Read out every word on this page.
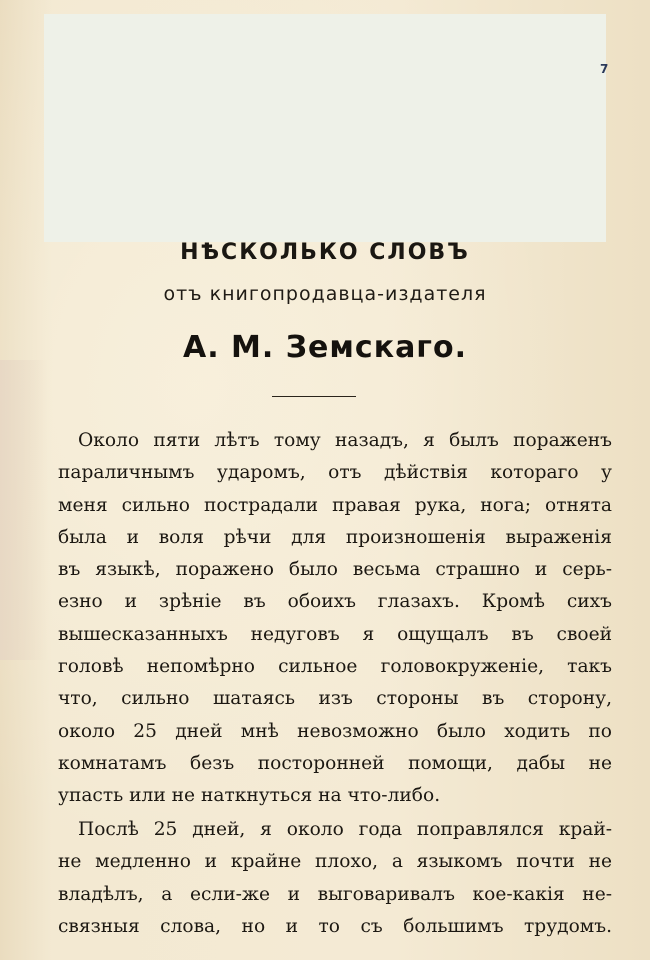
7
НѢСКОЛЬКО СЛОВЪ
отъ книгопродавца-издателя
А. М. Земскаго.
Около пяти лѣтъ тому назадъ, я былъ пораженъ
параличнымъ ударомъ, отъ дѣйствія котораго у
меня сильно пострадали правая рука, нога; отнята
была и воля рѣчи для произношенія выраженія
въ языкѣ, поражено было весьма страшно и серь-
езно и зрѣніе въ обоихъ глазахъ. Кромѣ сихъ
вышесказанныхъ недуговъ я ощущалъ въ своей
головѣ непомѣрно сильное головокруженіе, такъ
что, сильно шатаясь изъ стороны въ сторону,
около 25 дней мнѣ невозможно было ходить по
комнатамъ безъ посторонней помощи, дабы не
упасть или не наткнуться на что-либо.
Послѣ 25 дней, я около года поправлялся край-
не медленно и крайне плохо, а языкомъ почти не
владѣлъ, а если-же и выговаривалъ кое-какія не-
связныя слова, но и то съ большимъ трудомъ.
